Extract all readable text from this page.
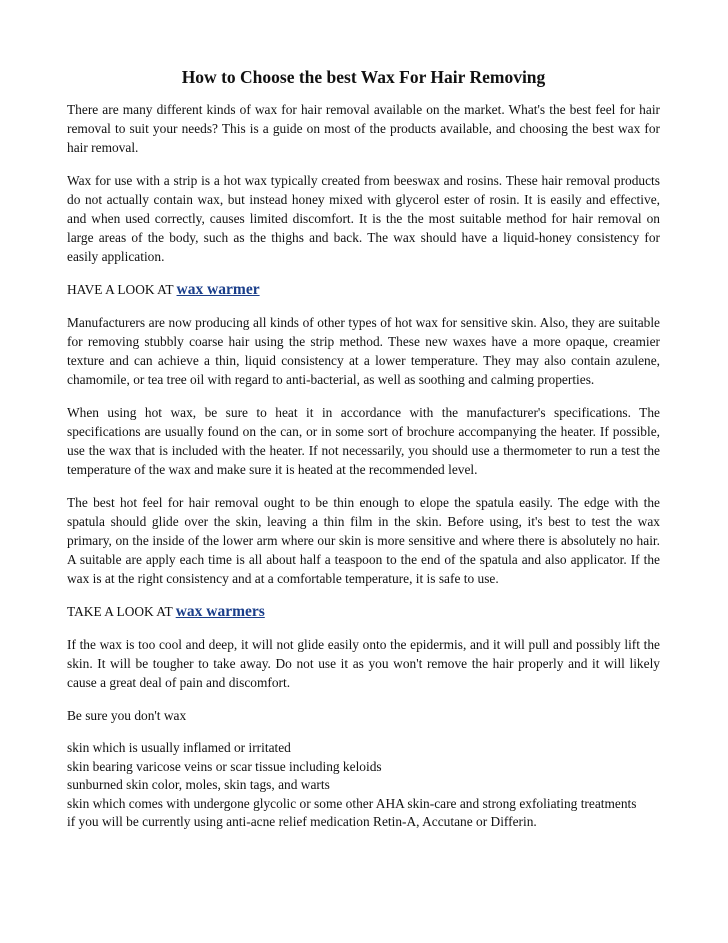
How to Choose the best Wax For Hair Removing

There are many different kinds of wax for hair removal available on the market. What's the best feel for hair removal to suit your needs? This is a guide on most of the products available, and choosing the best wax for hair removal.

Wax for use with a strip is a hot wax typically created from beeswax and rosins. These hair removal products do not actually contain wax, but instead honey mixed with glycerol ester of rosin. It is easily and effective, and when used correctly, causes limited discomfort. It is the the most suitable method for hair removal on large areas of the body, such as the thighs and back. The wax should have a liquid-honey consistency for easily application.

HAVE A LOOK AT wax warmer

Manufacturers are now producing all kinds of other types of hot wax for sensitive skin. Also, they are suitable for removing stubbly coarse hair using the strip method. These new waxes have a more opaque, creamier texture and can achieve a thin, liquid consistency at a lower temperature. They may also contain azulene, chamomile, or tea tree oil with regard to anti-bacterial, as well as soothing and calming properties.

When using hot wax, be sure to heat it in accordance with the manufacturer's specifications. The specifications are usually found on the can, or in some sort of brochure accompanying the heater. If possible, use the wax that is included with the heater. If not necessarily, you should use a thermometer to run a test the temperature of the wax and make sure it is heated at the recommended level.

The best hot feel for hair removal ought to be thin enough to elope the spatula easily. The edge with the spatula should glide over the skin, leaving a thin film in the skin. Before using, it's best to test the wax primary, on the inside of the lower arm where our skin is more sensitive and where there is absolutely no hair. A suitable are apply each time is all about half a teaspoon to the end of the spatula and also applicator. If the wax is at the right consistency and at a comfortable temperature, it is safe to use.

TAKE A LOOK AT wax warmers

If the wax is too cool and deep, it will not glide easily onto the epidermis, and it will pull and possibly lift the skin. It will be tougher to take away. Do not use it as you won't remove the hair properly and it will likely cause a great deal of pain and discomfort.

Be sure you don't wax

skin which is usually inflamed or irritated
skin bearing varicose veins or scar tissue including keloids
sunburned skin color, moles, skin tags, and warts
skin which comes with undergone glycolic or some other AHA skin-care and strong exfoliating treatments
if you will be currently using anti-acne relief medication Retin-A, Accutane or Differin.
